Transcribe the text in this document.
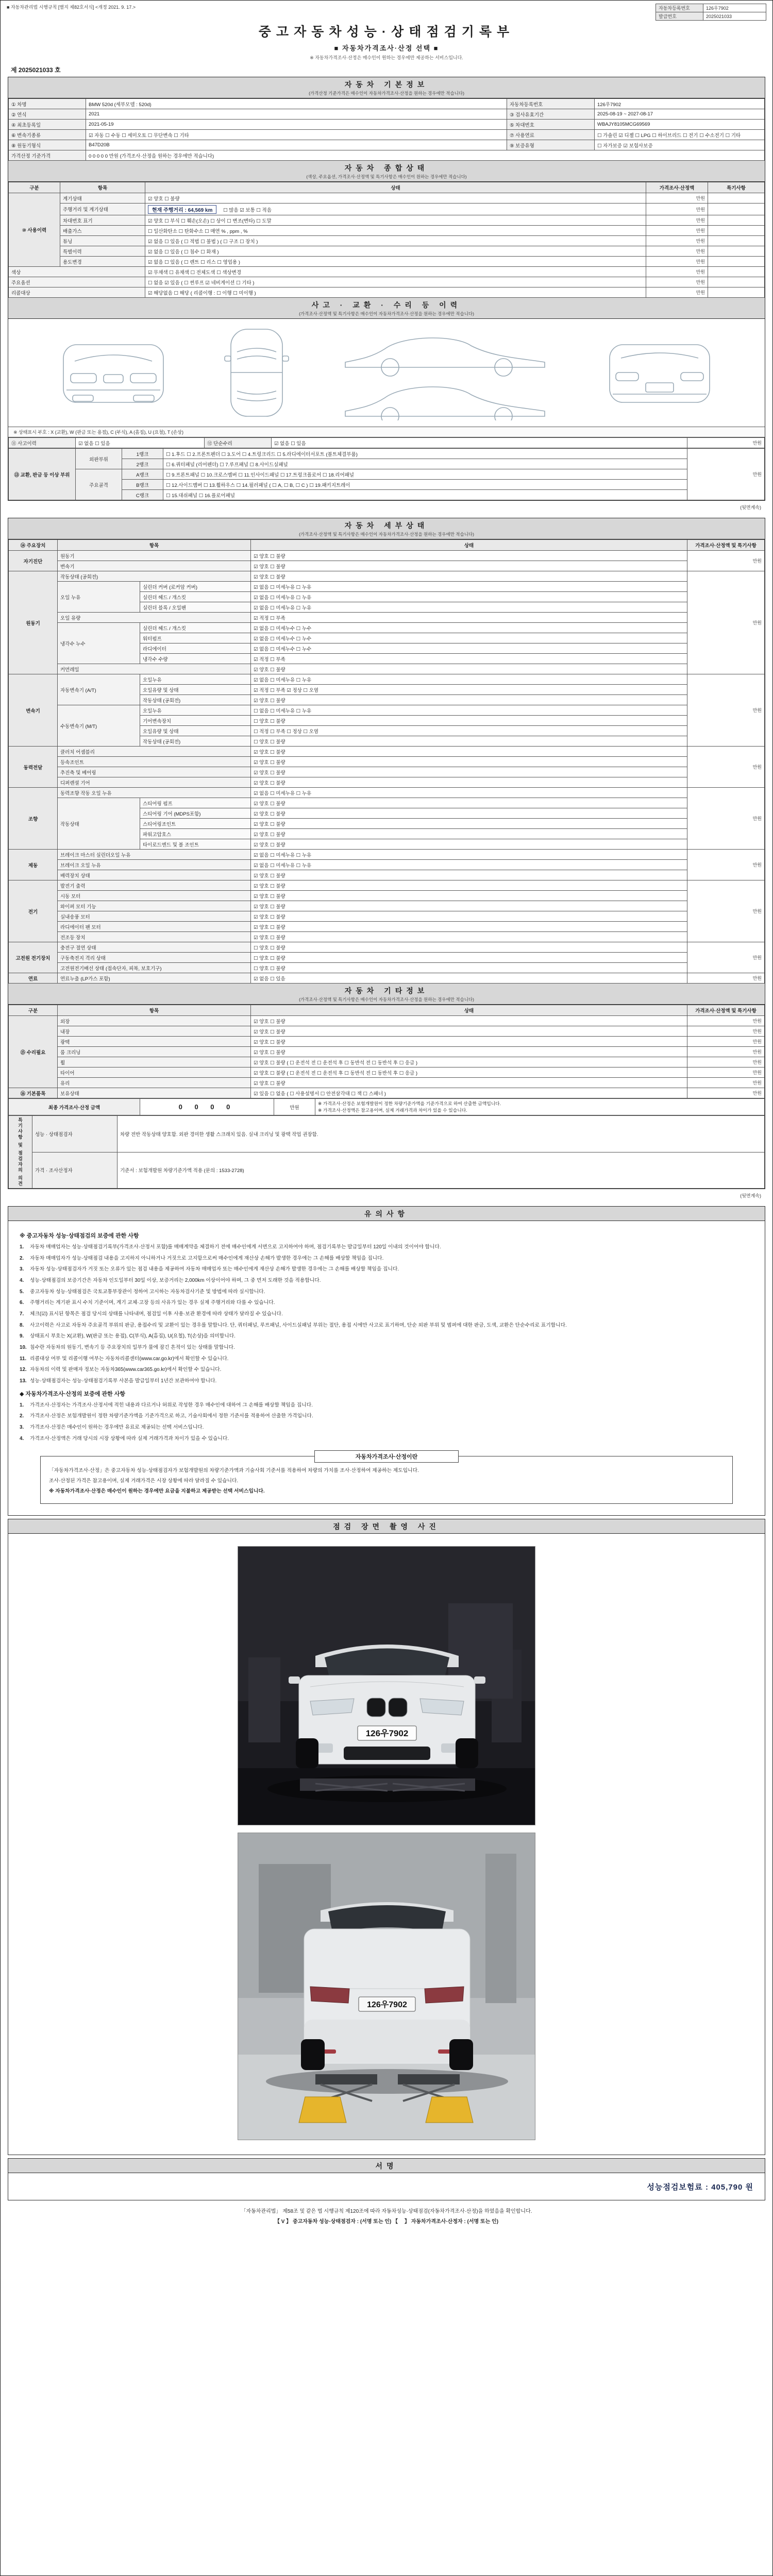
■ 자동차관리법 시행규칙 [별지 제82호서식] <개정 2021. 9. 17.>	자동차등록번호	126우7902
발급번호	2025021033
중고자동차성능·상태점검기록부
■ 자동차가격조사·산정 선택 ■
※ 자동차가격조사·산정은 매수인이 원하는 경우에만 제공하는 서비스입니다.
제 2025021033 호
자동차 기본정보
(가격산정 기준가격은 매수인이 자동차가격조사·산정을 원하는 경우에만 적습니다)
① 차명	BMW 520d (세부모델 : 520d)	자동차등록번호	126우7902
② 연식	2021	③ 검사유효기간	2025-08-19 ~ 2027-08-17
④ 최초등록일	2021-05-19	⑤ 차대번호	WBAJY8105MCG69569
⑥ 변속기종류	☑ 자동 ☐ 수동 ☐ 세미오토 ☐ 무단변속 ☐ 기타	⑦ 사용연료	☐ 가솔린 ☑ 디젤 ☐ LPG ☐ 하이브리드 ☐ 전기 ☐ 수소전기 ☐ 기타
⑧ 원동기형식	B47D20B	⑨ 보증유형	☐ 자가보증 ☑ 보험사보증
가격산정 기준가격	0 0 0 0 0 만원 (가격조사·산정을 원하는 경우에만 적습니다)		
자동차 종합상태
(색상, 주요옵션, 가격조사·산정액 및 특기사항은 매수인이 원하는 경우에만 적습니다)
구분	항목	상태	가격조사·산정액	특기사항
⑩ 사용이력	계기상태	☑ 양호 ☐ 불량	만원	
	주행거리 및 계기상태	현재 주행거리 : 64,569 km ☐ 많음 ☑ 보통 ☐ 적음	만원	
	차대번호 표기	☑ 양호 ☐ 부식 ☐ 훼손(오손) ☐ 상이 ☐ 변조(변타) ☐ 도말	만원	
	배출가스	☐ 일산화탄소 ☐ 탄화수소 ☐ 매연 % , ppm , %	만원	
	튜닝	☑ 없음 ☐ 있음 ( ☐ 적법 ☐ 불법 ) ( ☐ 구조 ☐ 장치 )	만원	
	특별이력	☑ 없음 ☐ 있음 ( ☐ 침수 ☐ 화재 )	만원	
	용도변경	☑ 없음 ☐ 있음 ( ☐ 렌트 ☐ 리스 ☐ 영업용 )	만원	
색상		☑ 무채색 ☐ 유채색 ☐ 전체도색 ☐ 색상변경	만원	
주요옵션		☐ 없음 ☑ 있음 ( ☐ 썬루프 ☑ 네비게이션 ☐ 기타 )	만원	
리콜대상		☑ 해당없음 ☐ 해당 ( 리콜이행 : ☐ 이행 ☐ 미이행 )	만원	
사고 · 교환 · 수리 등 이력
(가격조사·산정액 및 특기사항은 매수인이 자동차가격조사·산정을 원하는 경우에만 적습니다)
※ 상태표시 부호 : X (교환), W (판금 또는 용접), C (부식), A (흠집), U (요철), T (손상)
⑪ 사고이력	☑ 없음 ☐ 있음	⑫ 단순수리	☑ 없음 ☐ 있음	만원
⑬ 교환, 판금 등 이상 부위	외판부위	1랭크	☐ 1.후드 ☐ 2.프론트펜더 ☐ 3.도어 ☐ 4.트렁크리드 ☐ 5.라디에이터서포트 (볼트체결부품)	만원
		2랭크	☐ 6.쿼터패널 (리어펜더) ☐ 7.루프패널 ☐ 8.사이드실패널	
	주요골격	A랭크	☐ 9.프론트패널 ☐ 10.크로스멤버 ☐ 11.인사이드패널 ☐ 17.트렁크플로어 ☐ 18.리어패널	
		B랭크	☐ 12.사이드멤버 ☐ 13.휠하우스 ☐ 14.필러패널 ( ☐ A, ☐ B, ☐ C ) ☐ 19.패키지트레이	
		C랭크	☐ 15.대쉬패널 ☐ 16.플로어패널	
(뒷면계속)
자동차 세부상태
(가격조사·산정액 및 특기사항은 매수인이 자동차가격조사·산정을 원하는 경우에만 적습니다)
⑭ 주요장치	항목		상태	가격조사·산정액 및 특기사항
자기진단	원동기		☑ 양호 ☐ 불량	만원
	변속기		☑ 양호 ☐ 불량	
원동기	작동상태 (공회전)		☑ 양호 ☐ 불량	만원
	오일 누유	실린더 커버 (로커암 커버)	☑ 없음 ☐ 미세누유 ☐ 누유	
		실린더 헤드 / 개스킷	☑ 없음 ☐ 미세누유 ☐ 누유	
		실린더 블록 / 오일팬	☑ 없음 ☐ 미세누유 ☐ 누유	
	오일 유량		☑ 적정 ☐ 부족	
	냉각수 누수	실린더 헤드 / 개스킷	☑ 없음 ☐ 미세누수 ☐ 누수	
		워터펌프	☑ 없음 ☐ 미세누수 ☐ 누수	
		라디에이터	☑ 없음 ☐ 미세누수 ☐ 누수	
		냉각수 수량	☑ 적정 ☐ 부족	
	커먼레일		☑ 양호 ☐ 불량	
변속기	자동변속기 (A/T)	오일누유	☑ 없음 ☐ 미세누유 ☐ 누유	만원
		오일유량 및 상태	☑ 적정 ☐ 부족 ☑ 정상 ☐ 오염	
		작동상태 (공회전)	☑ 양호 ☐ 불량	
	수동변속기 (M/T)	오일누유	☐ 없음 ☐ 미세누유 ☐ 누유	
		기어변속장치	☐ 양호 ☐ 불량	
		오일유량 및 상태	☐ 적정 ☐ 부족 ☐ 정상 ☐ 오염	
		작동상태 (공회전)	☐ 양호 ☐ 불량	
동력전달	클러치 어셈블리		☑ 양호 ☐ 불량	만원
	등속조인트		☑ 양호 ☐ 불량	
	추진축 및 베어링		☑ 양호 ☐ 불량	
	디퍼렌셜 기어		☑ 양호 ☐ 불량	
조향	동력조향 작동 오일 누유		☑ 없음 ☐ 미세누유 ☐ 누유	만원
	작동상태	스티어링 펌프	☑ 양호 ☐ 불량	
		스티어링 기어 (MDPS포함)	☑ 양호 ☐ 불량	
		스티어링조인트	☑ 양호 ☐ 불량	
		파워고압호스	☑ 양호 ☐ 불량	
		타이로드엔드 및 볼 조인트	☑ 양호 ☐ 불량	
제동	브레이크 마스터 실린더오일 누유		☑ 없음 ☐ 미세누유 ☐ 누유	만원
	브레이크 오일 누유		☑ 없음 ☐ 미세누유 ☐ 누유	
	배력장치 상태		☑ 양호 ☐ 불량	
전기	발전기 출력		☑ 양호 ☐ 불량	만원
	시동 모터		☑ 양호 ☐ 불량	
	와이퍼 모터 기능		☑ 양호 ☐ 불량	
	실내송풍 모터		☑ 양호 ☐ 불량	
	라디에이터 팬 모터		☑ 양호 ☐ 불량	
	전조등 장치		☑ 양호 ☐ 불량	
고전원 전기장치	충전구 절연 상태		☐ 양호 ☐ 불량	만원
	구동축전지 격리 상태		☐ 양호 ☐ 불량	
	고전원전기배선 상태 (접속단자, 피복, 보호기구)		☐ 양호 ☐ 불량	
연료	연료누출 (LP가스 포함)		☑ 없음 ☐ 있음	만원
자동차 기타정보
(가격조사·산정액 및 특기사항은 매수인이 자동차가격조사·산정을 원하는 경우에만 적습니다)
구분	항목	상태	가격조사·산정액 및 특기사항
⑮ 수리필요	외장	☑ 양호 ☐ 불량	만원
	내장	☑ 양호 ☐ 불량	만원
	광택	☑ 양호 ☐ 불량	만원
	룸 크리닝	☑ 양호 ☐ 불량	만원
	휠	☑ 양호 ☐ 불량 ( ☐ 운전석 전 ☐ 운전석 후 ☐ 동반석 전 ☐ 동반석 후 ☐ 응급 )	만원
	타이어	☑ 양호 ☐ 불량 ( ☐ 운전석 전 ☐ 운전석 후 ☐ 동반석 전 ☐ 동반석 후 ☐ 응급 )	만원
	유리	☑ 양호 ☐ 불량	만원
⑯ 기본품목	보유상태	☑ 있음 ☐ 없음 ( ☐ 사용설명서 ☐ 안전삼각대 ☐ 잭 ☐ 스패너 )	만원
최종 가격조사·산정 금액	0 0 0 0	만원	
※ 가격조사·산정은 보험개발원이 정한 차량기준가액을 기준가격으로 하여 산출한 금액입니다.
※ 가격조사·산정액은 참고용이며, 실제 거래가격과 차이가 있을 수 있습니다.
특기사항 및 점검자의 의견	성능 · 상태점검자	차량 전반 작동상태 양호함. 외판 경미한 생활 스크래치 있음. 실내 크리닝 및 광택 작업 권장함.
	가격 · 조사산정자	기준서 : 보험개발원 차량기준가액 적용 (문의 : 1533-2728)
(뒷면계속)
유의사항
※ 중고자동차 성능·상태점검의 보증에 관한 사항
1.	자동차 매매업자는 성능·상태점검기록부(가격조사·산정서 포함)를 매매계약을 체결하기 전에 매수인에게 서면으로 고지하여야 하며, 점검기록부는 발급일부터 120일 이내의 것이어야 합니다.
2.	자동차 매매업자가 성능·상태점검 내용을 고지하지 아니하거나 거짓으로 고지함으로써 매수인에게 재산상 손해가 발생한 경우에는 그 손해를 배상할 책임을 집니다.
3.	자동차 성능·상태점검자가 거짓 또는 오류가 있는 점검 내용을 제공하여 자동차 매매업자 또는 매수인에게 재산상 손해가 발생한 경우에는 그 손해를 배상할 책임을 집니다.
4.	성능·상태점검의 보증기간은 자동차 인도일부터 30일 이상, 보증거리는 2,000km 이상이어야 하며, 그 중 먼저 도래한 것을 적용합니다.
5.	중고자동차 성능·상태점검은 국토교통부장관이 정하여 고시하는 자동차검사기준 및 방법에 따라 실시합니다.
6.	주행거리는 계기판 표시 수치 기준이며, 계기 교체·고장 등의 사유가 있는 경우 실제 주행거리와 다를 수 있습니다.
7.	체크(☑) 표시된 항목은 점검 당시의 상태를 나타내며, 점검일 이후 사용·보관 환경에 따라 상태가 달라질 수 있습니다.
8.	사고이력은 사고로 자동차 주요골격 부위의 판금, 용접수리 및 교환이 있는 경우를 말합니다. 단, 쿼터패널, 루프패널, 사이드실패널 부위는 절단, 용접 시에만 사고로 표기하며, 단순 외판 부위 및 범퍼에 대한 판금, 도색, 교환은 단순수리로 표기합니다.
9.	상태표시 부호는 X(교환), W(판금 또는 용접), C(부식), A(흠집), U(요철), T(손상)을 의미합니다.
10. 침수란 자동차의 원동기, 변속기 등 주요장치의 일부가 물에 잠긴 흔적이 있는 상태를 말합니다.
11. 리콜대상 여부 및 리콜이행 여부는 자동차리콜센터(www.car.go.kr)에서 확인할 수 있습니다.
12. 자동차의 이력 및 판매자 정보는 자동차365(www.car365.go.kr)에서 확인할 수 있습니다.
13. 성능·상태점검자는 성능·상태점검기록부 사본을 발급일부터 1년간 보관하여야 합니다.
◆ 자동차가격조사·산정의 보증에 관한 사항
1.	가격조사·산정자는 가격조사·산정서에 적힌 내용과 다르거나 허위로 작성한 경우 매수인에 대하여 그 손해를 배상할 책임을 집니다.
2.	가격조사·산정은 보험개발원이 정한 차량기준가액을 기준가격으로 하고, 기술사회에서 정한 기준서를 적용하여 산출한 가격입니다.
3.	가격조사·산정은 매수인이 원하는 경우에만 유료로 제공되는 선택 서비스입니다.
4.	가격조사·산정액은 거래 당시의 시장 상황에 따라 실제 거래가격과 차이가 있을 수 있습니다.
자동차가격조사·산정이란

「자동차가격조사·산정」은 중고자동차 성능·상태점검자가 보험개발원의 차량기준가액과 기술사회 기준서를 적용하여 차량의 가치를 조사·산정하여 제공하는 제도입니다.

조사·산정된 가격은 참고용이며, 실제 거래가격은 시장 상황에 따라 달라질 수 있습니다.

※ 자동차가격조사·산정은 매수인이 원하는 경우에만 요금을 지불하고 제공받는 선택 서비스입니다.

점검 장면 촬영 사진
126우7902
126우7902
서명
성능점검보험료 : 405,790 원
「자동차관리법」 제58조 및 같은 법 시행규칙 제120조에 따라 자동차성능·상태점검(자동차가격조사·산정)을 하였음을 확인합니다.
【 V 】 중고자동차 성능·상태점검자 : (서명 또는 인) 【　 】 자동차가격조사·산정자 : (서명 또는 인)
